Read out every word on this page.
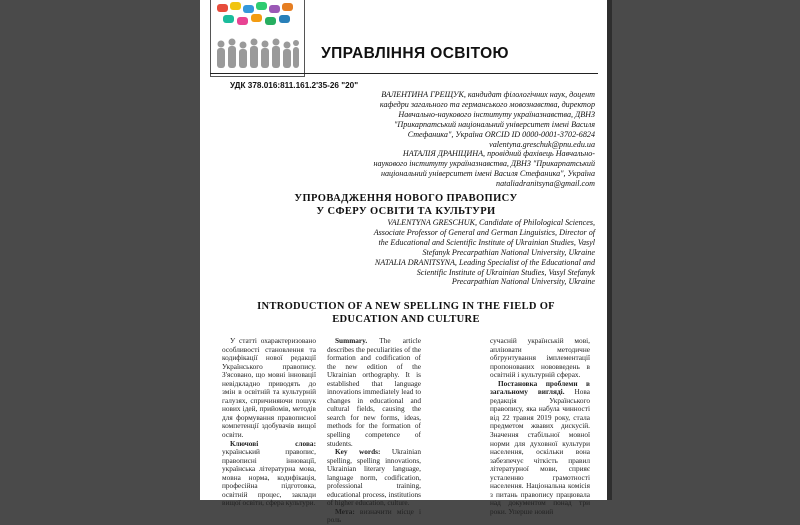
УПРАВЛІННЯ ОСВІТОЮ
УДК 378.016:811.161.2'35-26 "20"
ВАЛЕНТИНА ГРЕЩУК, кандидат філологічних наук, доцент
кафедри загального та германського мовознавства, директор
Навчально-наукового інституту україназнавства, ДВНЗ
"Прикарпатський національний університет імені Василя
Стефаника", Україна ORCID ID 0000-0001-3702-6824
valentyna.greschuk@pnu.edu.ua
НАТАЛІЯ ДРАНІЦИНА, провідний фахівець Навчально-
наукового інституту україназнавства, ДВНЗ "Прикарпатський
національний університет імені Василя Стефаника", Україна
nataliadranitsyna@gmail.com
УПРОВАДЖЕННЯ НОВОГО ПРАВОПИСУ
У СФЕРУ ОСВІТИ ТА КУЛЬТУРИ
VALENTYNA GRESCHUK, Candidate of Philological Sciences,
Associate Professor of General and German Linguistics, Director of
the Educational and Scientific Institute of Ukrainian Studies, Vasyl
Stefanyk Precarpathian National University, Ukraine
NATALIA DRANITSYNA, Leading Specialist of the Educational and
Scientific Institute of Ukrainian Studies, Vasyl Stefanyk
Precarpathian National University, Ukraine
INTRODUCTION OF A NEW SPELLING IN THE FIELD OF
EDUCATION AND CULTURE

У статті охарактеризовано особливості становлення та кодифікації нової редакції Українського правопису. З'ясовано, що мовні інновації невідкладно приводять до змін в освітній та культурній галузях, спричиняючи пошук нових ідей, прийомів, методів для формування правописної компетенції здобувачів вищої освіти.

Ключові слова: український правопис, правописні інновації, українська літературна мова, мовна норма, кодифікація, професійна підготовка, освітній процес, заклади вищої освіти, сфера культури.

Summary. The article describes the peculiarities of the formation and codification of the new edition of the Ukrainian orthography. It is established that language innovations immediately lead to changes in educational and cultural fields, causing the search for new forms, ideas, methods for the formation of spelling competence of students.

Key words: Ukrainian spelling, spelling innovations, Ukrainian literary language, language norm, codification, professional training, educational process, institutions of higher education, culture.

Мета: визначити місце і роль

сучасній українській мові, апліювати методичне обгрунтування імплементації пропонованих нововведень в освітній і культурній сферах.

Постановка проблеми в загальному вигляді. Нова редакція Українського правопису, яка набула чинності від 22 травня 2019 року, стала предметом жвавих дискусій. Значення стабільної мовної норми для духовної культури населення, оскільки вона забезпечує чіткість правил літературної мови, сприяє усталенню грамотності населення. Національна комісія з питань правопису працювала над документом понад три роки. Уперше новий
